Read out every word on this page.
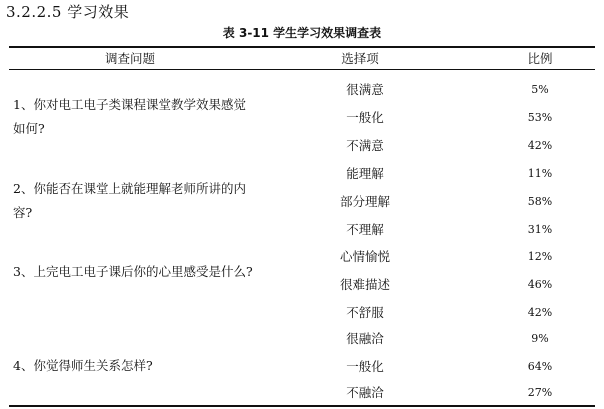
3.2.2.5 学习效果
表 3-11 学生学习效果调查表
调查问题	选择项	比例
1、你对电工电子类课程课堂教学效果感觉如何?
很满意	5%
一般化	53%
不满意	42%
2、你能否在课堂上就能理解老师所讲的内容?
能理解	11%
部分理解	58%
不理解	31%
3、上完电工电子课后你的心里感受是什么?
心情愉悦	12%
很难描述	46%
不舒服	42%
4、你觉得师生关系怎样?
很融洽	9%
一般化	64%
不融洽	27%
